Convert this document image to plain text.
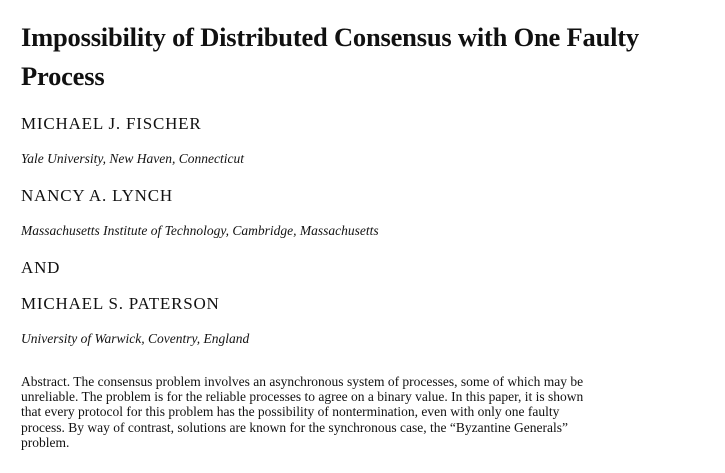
Impossibility of Distributed Consensus with One Faulty
Process

MICHAEL J. FISCHER

Yale University, New Haven, Connecticut

NANCY A. LYNCH

Massachusetts Institute of Technology, Cambridge, Massachusetts

AND

MICHAEL S. PATERSON

University of Warwick, Coventry, England

Abstract. The consensus problem involves an asynchronous system of processes, some of which may be
unreliable. The problem is for the reliable processes to agree on a binary value. In this paper, it is shown
that every protocol for this problem has the possibility of nontermination, even with only one faulty
process. By way of contrast, solutions are known for the synchronous case, the “Byzantine Generals”
problem.
